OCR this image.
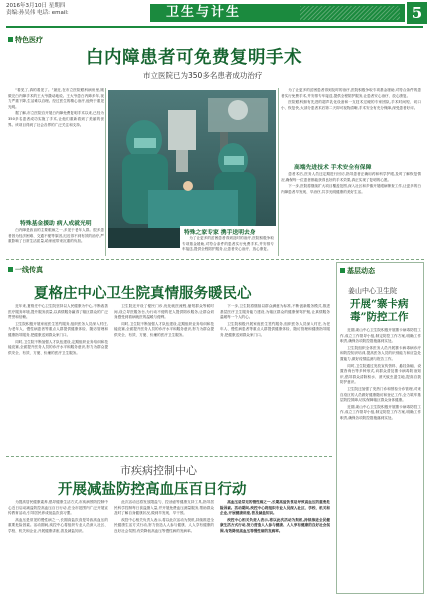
2016年3月10日 星期四
责编:孙吴伟 电话: email:	卫生与计生	5
特色医疗
白内障患者可免费复明手术
市立医院已为350多名患者成功治疗

“看见了,真的看见了。”最近,在市立医院眼科病房里,刚做完白内障手术的王大爷激动地说。王大爷患白内障多年,视力严重下降,生活难以自理。经过医生的精心治疗,他终于重见光明。

据了解,市立医院自开展白内障免费复明手术以来,已经为350多名患者成功实施了手术,让他们重新看到了美丽的世界。该项目得到了社会各界的广泛关注和支持。

特殊基金援助 病人成就光明

白内障是致盲的主要眼病之一,多见于老年人群。很多患者因为经济困难、交通不便等原因,迟迟得不到有效的治疗,严重影响了日常生活质量,给家庭带来沉重的负担。

为了让更多的贫困患者得到及时的治疗,医院积极争取专项基金援助,对符合条件的患者实行免费手术,并安排专车接送,提供全程陪护服务,让患者安心治疗、放心康复。

医院眼科拥有先进的超声乳化设备和一支技术过硬的专家团队,手术时间短、切口小、恢复快,大部分患者术后第二天即可视物清晰,手术安全有充分保障,深受患者好评。

高端先进技术 手术安全有保障

患者术后,医务人员还定期进行回访,指导患者正确用药和科学护眼,及时了解恢复情况,确保每一位患者都能获得良好的手术效果,真正实现了复明的心愿。

下一步,医院将继续扩大项目覆盖范围,深入社区和乡镇开展眼病筛查工作,让更多的白内障患者早发现、早治疗,共享光明健康的美好生活。

特殊之家专家 携手送明去身

为了让更多的贫困患者得到及时的治疗,医院积极争取专项基金援助,对符合条件的患者实行免费手术,并安排专车接送,提供全程陪护服务,让患者安心治疗、放心康复。

一线传真
夏格庄中心卫生院真情服务暖民心

近年来,夏格庄中心卫生院坚持以人民健康为中心,不断改善医疗服务环境,提升服务质量,以真情服务赢得了辖区群众的广泛赞誉和信赖。

卫生院积极开展家庭医生签约服务,组织医务人员深入村庄,为老年人、慢性病患者等重点人群提供健康体检、随访管理和健康指导服务,把健康送到群众家门口。

同时,卫生院不断加强人才队伍建设,定期组织业务培训和技能竞赛,全面提升医务人员的诊疗水平和服务意识,努力为群众提供安全、有效、方便、价廉的医疗卫生服务。

卫生院还开设了便民门诊,优化就医流程,缩短群众等候时间,设立导医服务台,为行动不便的老人提供陪诊服务,让群众切身感受到看病就医的温暖与便利。

同时,卫生院不断加强人才队伍建设,定期组织业务培训和技能竞赛,全面提升医务人员的诊疗水平和服务意识,努力为群众提供安全、有效、方便、价廉的医疗卫生服务。

下一步,卫生院将继续以群众满意为标准,不断创新服务模式,推进基层医疗卫生服务能力建设,为辖区群众的健康保驾护航,让真情服务温暖每一个人的心。

卫生院积极开展家庭医生签约服务,组织医务人员深入村庄,为老年人、慢性病患者等重点人群提供健康体检、随访管理和健康指导服务,把健康送到群众家门口。

市疾病控制中心
开展减盐防控高血压百日行动

为提高居民健康素养,倡导健康生活方式,市疾病预防控制中心近日启动减盐防控高血压百日行动,在全市范围内广泛开展宣传教育活动,引导居民养成低盐饮食习惯。

高血压是常见的慢性病之一,长期高盐饮食是导致高血压的重要危险因素。活动期间,疾控中心将组织专业人员深入社区、学校、机关和企业,开展健康讲座,普及减盐知识。

此次活动还将发放限盐勺、控油壶等健康支持工具,指导居民科学控制每日食盐摄入量,并开展免费血压测量服务,帮助群众及时了解自身健康状况,做到早发现、早干预。

疾控中心相关负责人表示,将以此次活动为契机,持续推进全民健康生活方式行动,努力营造人人参与健康、人人享有健康的良好社会氛围,有效降低高血压等慢性病的发病率。

高血压是常见的慢性病之一,长期高盐饮食是导致高血压的重要危险因素。活动期间,疾控中心将组织专业人员深入社区、学校、机关和企业,开展健康讲座,普及减盐知识。

疾控中心相关负责人表示,将以此次活动为契机,持续推进全民健康生活方式行动,努力营造人人参与健康、人人享有健康的良好社会氛围,有效降低高血压等慢性病的发病率。

基层动态
姜山中心卫生院
开展“寨卡病毒”防控工作

近期,姜山中心卫生院积极开展寨卡病毒防控工作,成立工作领导小组,制定防控工作方案,明确工作职责,确保各项防控措施落到实处。

卫生院组织全体医务人员开展寨卡病毒病诊疗和防控知识培训,提高医务人员的识别能力和应急处置能力,做好疫情监测与报告工作。

同时,卫生院通过发放宣传资料、悬挂条幅、设置咨询台等多种形式,向群众普及寨卡病毒防治知识,倡导群众清除积水、消灭蚊虫滋生地,提高自我防护意识。

卫生院还加强了发热门诊和预检分诊管理,对来自疫区的人员做好健康随访和登记工作,全力筑牢基层防控屏障,切实保障辖区群众身体健康。

近期,姜山中心卫生院积极开展寨卡病毒防控工作,成立工作领导小组,制定防控工作方案,明确工作职责,确保各项防控措施落到实处。
